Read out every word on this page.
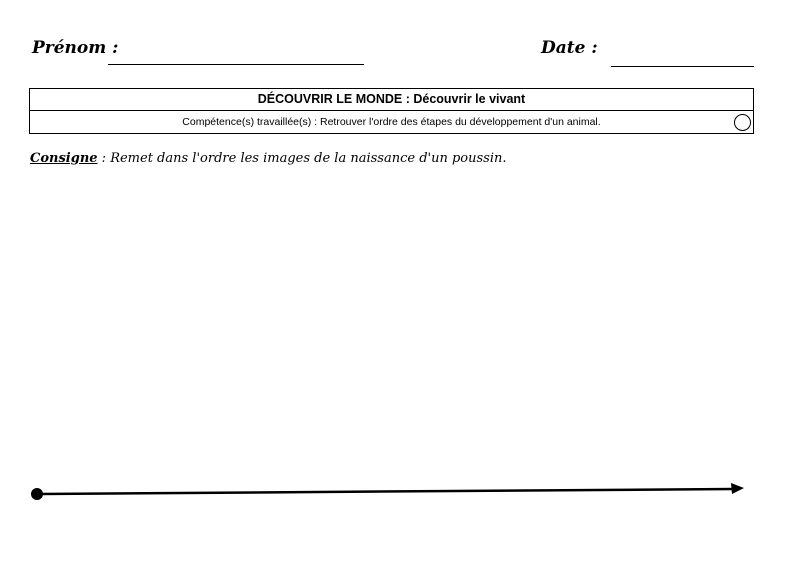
Prénom :	Date :
DÉCOUVRIR LE MONDE : Découvrir le vivant
Compétence(s) travaillée(s) : Retrouver l'ordre des étapes du développement d'un animal.
Consigne : Remet dans l'ordre les images de la naissance d'un poussin.
